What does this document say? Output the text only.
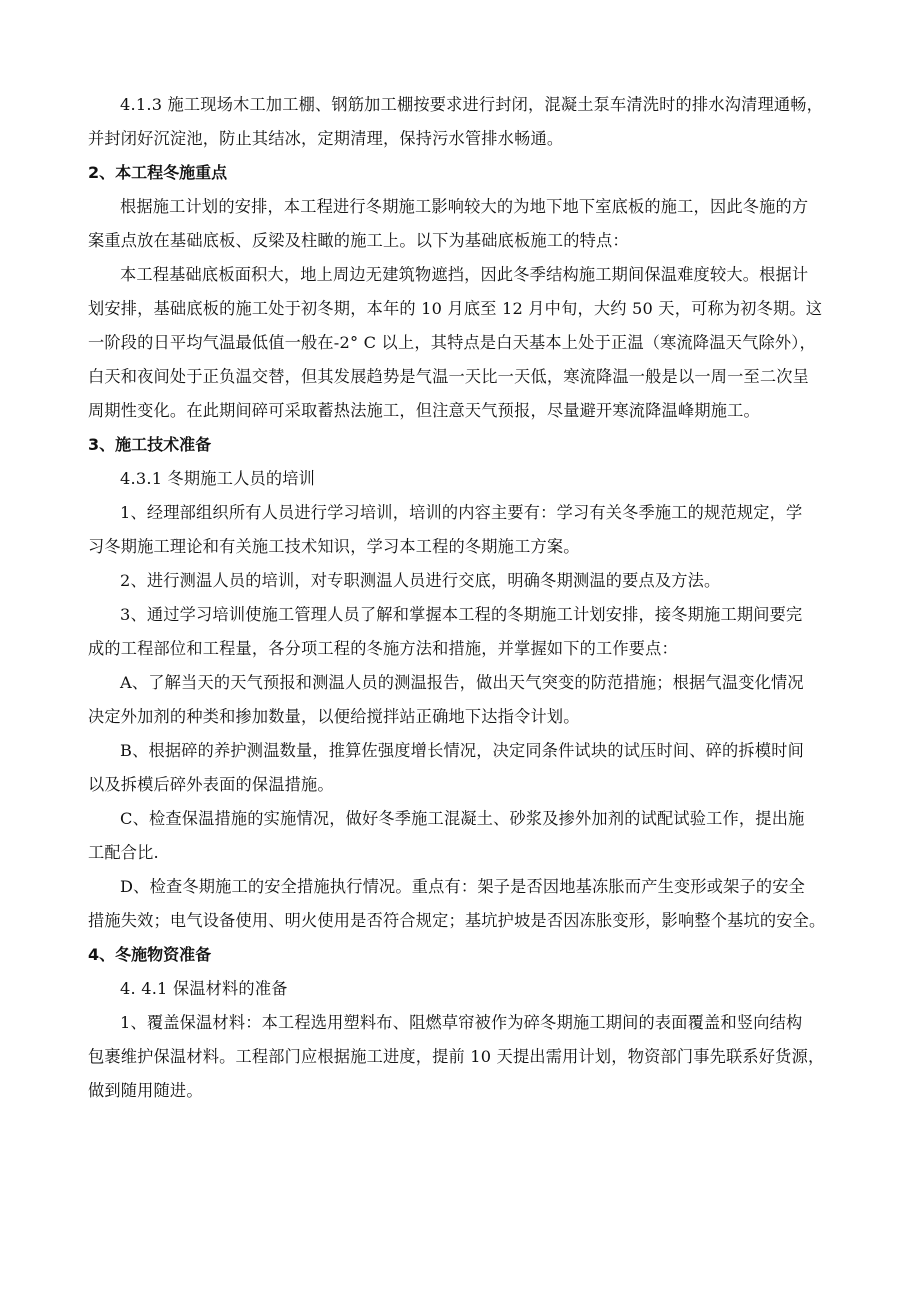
4.1.3 施工现场木工加工棚、钢筋加工棚按要求进行封闭，混凝土泵车清洗时的排水沟清理通畅，
并封闭好沉淀池，防止其结冰，定期清理，保持污水管排水畅通。

2、本工程冬施重点

根据施工计划的安排，本工程进行冬期施工影响较大的为地下地下室底板的施工，因此冬施的方
案重点放在基础底板、反梁及柱瞰的施工上。以下为基础底板施工的特点：

本工程基础底板面积大，地上周边无建筑物遮挡，因此冬季结构施工期间保温难度较大。根据计
划安排，基础底板的施工处于初冬期，本年的 10 月底至 12 月中旬，大约 50 天，可称为初冬期。这
一阶段的日平均气温最低值一般在-2° C 以上，其特点是白天基本上处于正温（寒流降温天气除外），
白天和夜间处于正负温交替，但其发展趋势是气温一天比一天低，寒流降温一般是以一周一至二次呈
周期性变化。在此期间碎可采取蓄热法施工，但注意天气预报，尽量避开寒流降温峰期施工。

3、施工技术准备

4.3.1 冬期施工人员的培训

1、经理部组织所有人员进行学习培训，培训的内容主要有：学习有关冬季施工的规范规定，学
习冬期施工理论和有关施工技术知识，学习本工程的冬期施工方案。

2、进行测温人员的培训，对专职测温人员进行交底，明确冬期测温的要点及方法。

3、通过学习培训使施工管理人员了解和掌握本工程的冬期施工计划安排，接冬期施工期间要完
成的工程部位和工程量，各分项工程的冬施方法和措施，并掌握如下的工作要点：

A、了解当天的天气预报和测温人员的测温报告，做出天气突变的防范措施；根据气温变化情况
决定外加剂的种类和掺加数量，以便给搅拌站正确地下达指令计划。

B、根据碎的养护测温数量，推算佐强度增长情况，决定同条件试块的试压时间、碎的拆模时间
以及拆模后碎外表面的保温措施。

C、检查保温措施的实施情况，做好冬季施工混凝土、砂浆及掺外加剂的试配试验工作，提出施
工配合比.

D、检查冬期施工的安全措施执行情况。重点有：架子是否因地基冻胀而产生变形或架子的安全
措施失效；电气设备使用、明火使用是否符合规定；基坑护坡是否因冻胀变形，影响整个基坑的安全。

4、冬施物资准备

4. 4.1 保温材料的准备

1、覆盖保温材料：本工程选用塑料布、阻燃草帘被作为碎冬期施工期间的表面覆盖和竖向结构
包裹维护保温材料。工程部门应根据施工进度，提前 10 天提出需用计划，物资部门事先联系好货源，
做到随用随进。
